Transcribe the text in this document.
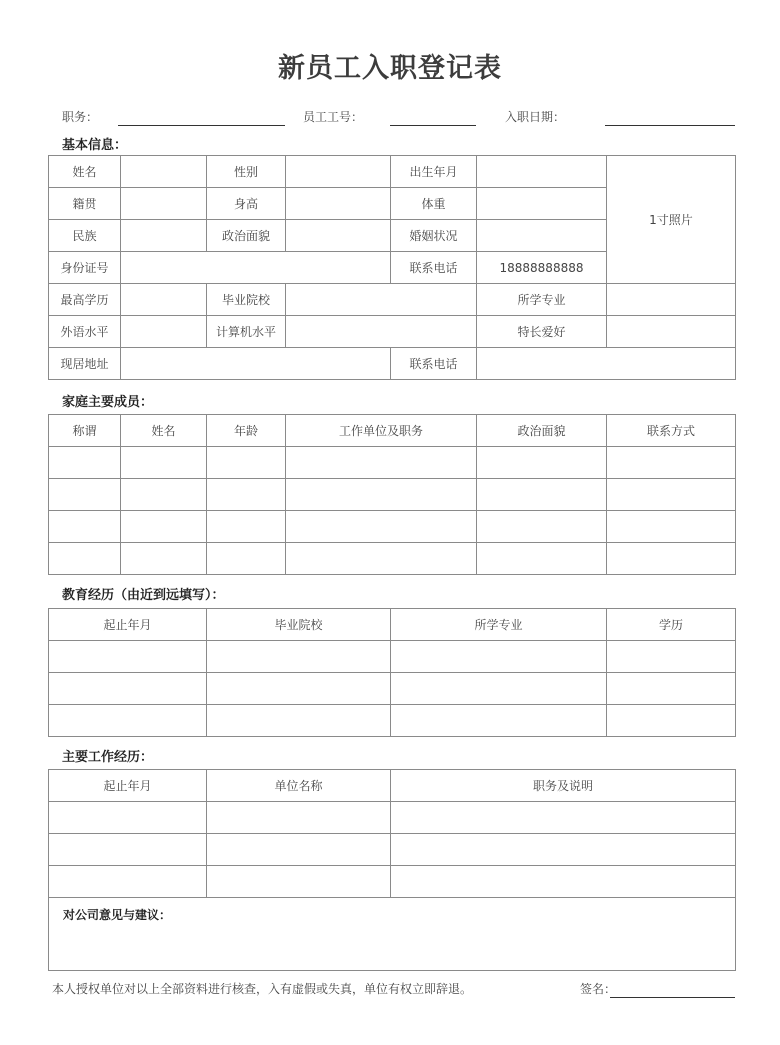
新员工入职登记表
职务：	员工工号：	入职日期：
基本信息：
姓名		性别		出生年月		1寸照片
籍贯		身高		体重		
民族		政治面貌		婚姻状况		
身份证号				联系电话	18888888888	
最高学历		毕业院校			所学专业	
外语水平		计算机水平			特长爱好	
现居地址				联系电话		
家庭主要成员：
称谓	姓名	年龄	工作单位及职务	政治面貌	联系方式

教育经历（由近到远填写）：
起止年月	毕业院校	所学专业	学历

主要工作经历：
起止年月	单位名称	职务及说明

对公司意见与建议：		
本人授权单位对以上全部资料进行核查，入有虚假或失真，单位有权立即辞退。	签名：
